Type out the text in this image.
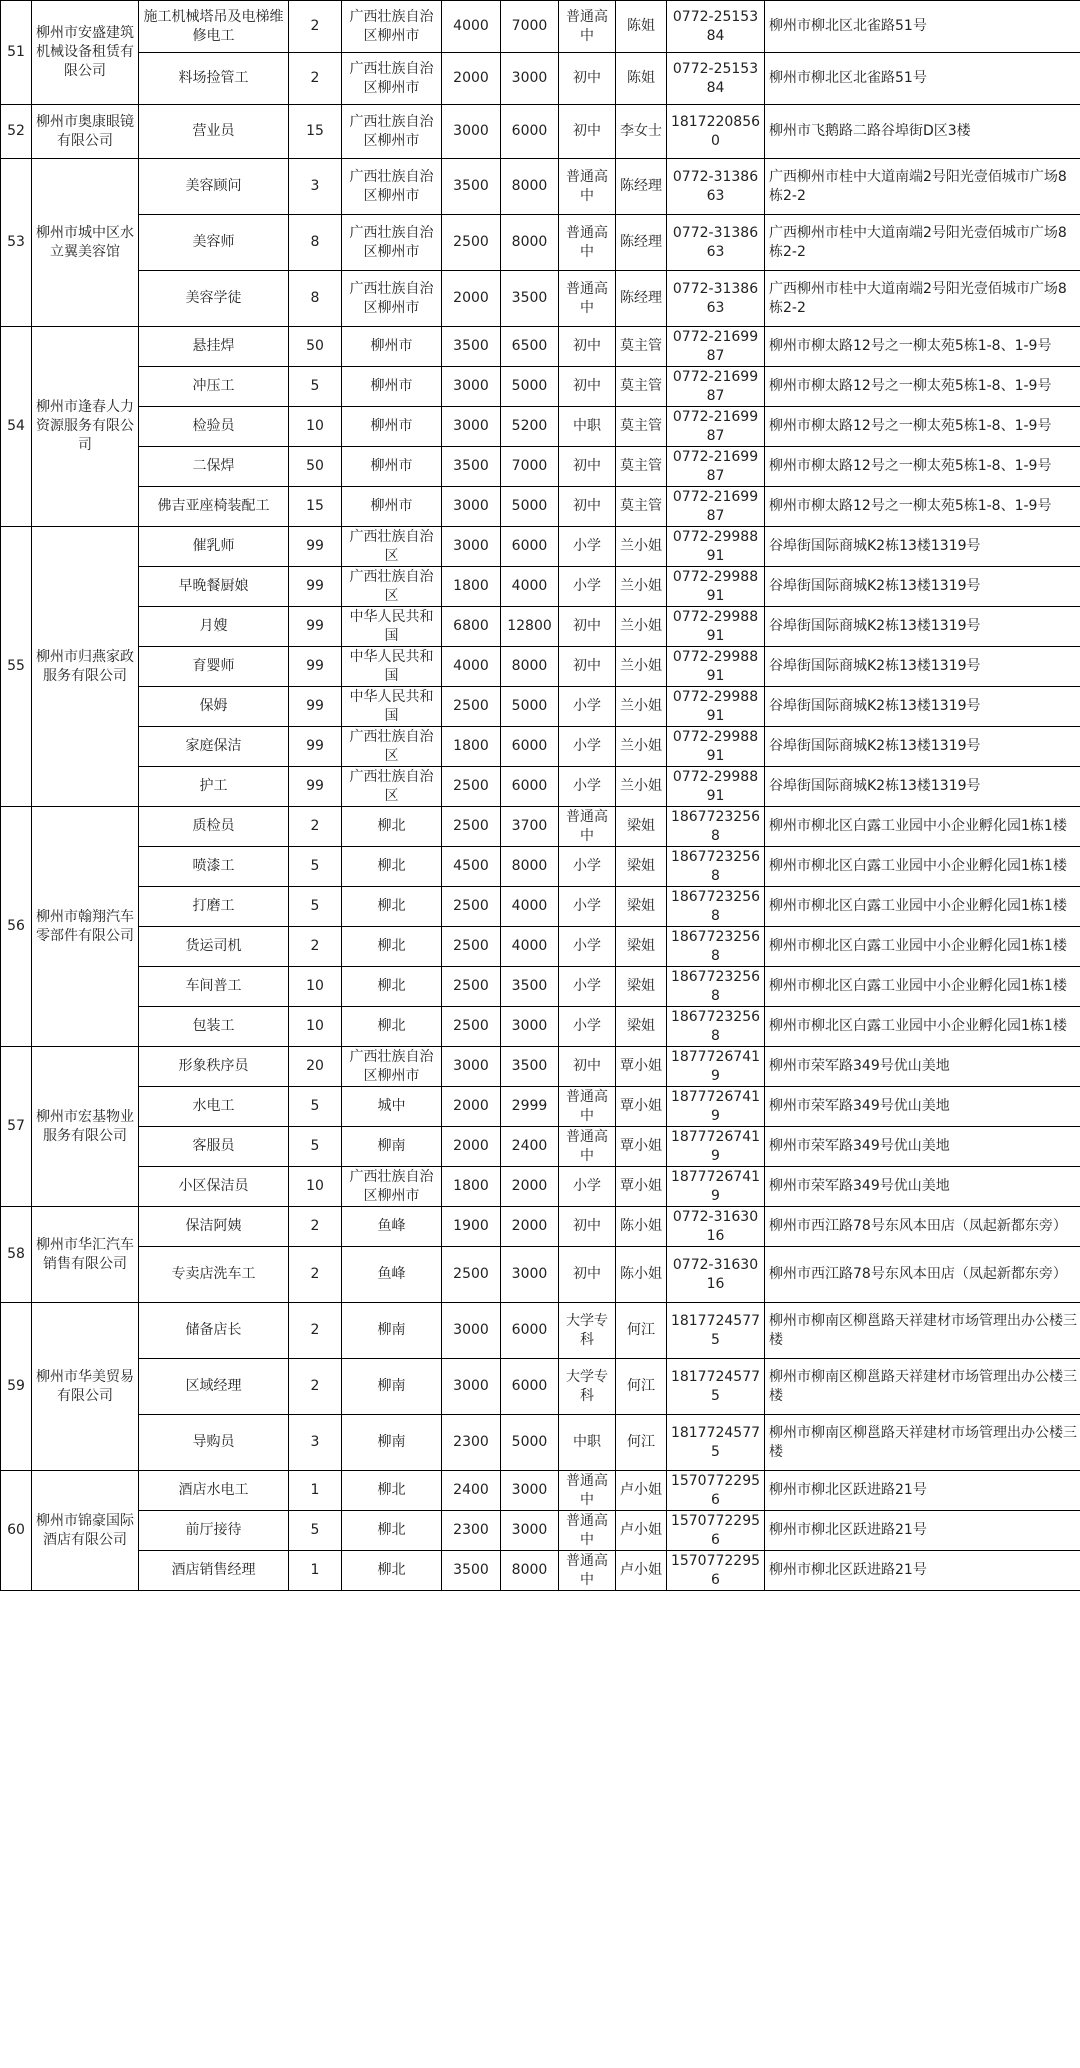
51	柳州市安盛建筑机械设备租赁有限公司	施工机械塔吊及电梯维修电工	2	广西壮族自治区柳州市	4000	7000	普通高中	陈姐	0772-2515384	柳州市柳北区北雀路51号
		料场捡管工	2	广西壮族自治区柳州市	2000	3000	初中	陈姐	0772-2515384	柳州市柳北区北雀路51号
52	柳州市奥康眼镜有限公司	营业员	15	广西壮族自治区柳州市	3000	6000	初中	李女士	18172208560	柳州市飞鹅路二路谷埠街D区3楼
53	柳州市城中区水立翼美容馆	美容顾问	3	广西壮族自治区柳州市	3500	8000	普通高中	陈经理	0772-3138663	广西柳州市桂中大道南端2号阳光壹佰城市广场8栋2-2
		美容师	8	广西壮族自治区柳州市	2500	8000	普通高中	陈经理	0772-3138663	广西柳州市桂中大道南端2号阳光壹佰城市广场8栋2-2
		美容学徒	8	广西壮族自治区柳州市	2000	3500	普通高中	陈经理	0772-3138663	广西柳州市桂中大道南端2号阳光壹佰城市广场8栋2-2
54	柳州市逢春人力资源服务有限公司	悬挂焊	50	柳州市	3500	6500	初中	莫主管	0772-2169987	柳州市柳太路12号之一柳太苑5栋1-8、1-9号
		冲压工	5	柳州市	3000	5000	初中	莫主管	0772-2169987	柳州市柳太路12号之一柳太苑5栋1-8、1-9号
		检验员	10	柳州市	3000	5200	中职	莫主管	0772-2169987	柳州市柳太路12号之一柳太苑5栋1-8、1-9号
		二保焊	50	柳州市	3500	7000	初中	莫主管	0772-2169987	柳州市柳太路12号之一柳太苑5栋1-8、1-9号
		佛吉亚座椅装配工	15	柳州市	3000	5000	初中	莫主管	0772-2169987	柳州市柳太路12号之一柳太苑5栋1-8、1-9号
55	柳州市归燕家政服务有限公司	催乳师	99	广西壮族自治区	3000	6000	小学	兰小姐	0772-2998891	谷埠街国际商城K2栋13楼1319号
		早晚餐厨娘	99	广西壮族自治区	1800	4000	小学	兰小姐	0772-2998891	谷埠街国际商城K2栋13楼1319号
		月嫂	99	中华人民共和国	6800	12800	初中	兰小姐	0772-2998891	谷埠街国际商城K2栋13楼1319号
		育婴师	99	中华人民共和国	4000	8000	初中	兰小姐	0772-2998891	谷埠街国际商城K2栋13楼1319号
		保姆	99	中华人民共和国	2500	5000	小学	兰小姐	0772-2998891	谷埠街国际商城K2栋13楼1319号
		家庭保洁	99	广西壮族自治区	1800	6000	小学	兰小姐	0772-2998891	谷埠街国际商城K2栋13楼1319号
		护工	99	广西壮族自治区	2500	6000	小学	兰小姐	0772-2998891	谷埠街国际商城K2栋13楼1319号
56	柳州市翰翔汽车零部件有限公司	质检员	2	柳北	2500	3700	普通高中	梁姐	18677232568	柳州市柳北区白露工业园中小企业孵化园1栋1楼
		喷漆工	5	柳北	4500	8000	小学	梁姐	18677232568	柳州市柳北区白露工业园中小企业孵化园1栋1楼
		打磨工	5	柳北	2500	4000	小学	梁姐	18677232568	柳州市柳北区白露工业园中小企业孵化园1栋1楼
		货运司机	2	柳北	2500	4000	小学	梁姐	18677232568	柳州市柳北区白露工业园中小企业孵化园1栋1楼
		车间普工	10	柳北	2500	3500	小学	梁姐	18677232568	柳州市柳北区白露工业园中小企业孵化园1栋1楼
		包装工	10	柳北	2500	3000	小学	梁姐	18677232568	柳州市柳北区白露工业园中小企业孵化园1栋1楼
57	柳州市宏基物业服务有限公司	形象秩序员	20	广西壮族自治区柳州市	3000	3500	初中	覃小姐	18777267419	柳州市荣军路349号优山美地
		水电工	5	城中	2000	2999	普通高中	覃小姐	18777267419	柳州市荣军路349号优山美地
		客服员	5	柳南	2000	2400	普通高中	覃小姐	18777267419	柳州市荣军路349号优山美地
		小区保洁员	10	广西壮族自治区柳州市	1800	2000	小学	覃小姐	18777267419	柳州市荣军路349号优山美地
58	柳州市华汇汽车销售有限公司	保洁阿姨	2	鱼峰	1900	2000	初中	陈小姐	0772-3163016	柳州市西江路78号东风本田店（凤起新都东旁）
		专卖店洗车工	2	鱼峰	2500	3000	初中	陈小姐	0772-3163016	柳州市西江路78号东风本田店（凤起新都东旁）
59	柳州市华美贸易有限公司	储备店长	2	柳南	3000	6000	大学专科	何江	18177245775	柳州市柳南区柳邕路天祥建材市场管理出办公楼三楼
		区域经理	2	柳南	3000	6000	大学专科	何江	18177245775	柳州市柳南区柳邕路天祥建材市场管理出办公楼三楼
		导购员	3	柳南	2300	5000	中职	何江	18177245775	柳州市柳南区柳邕路天祥建材市场管理出办公楼三楼
60	柳州市锦豪国际酒店有限公司	酒店水电工	1	柳北	2400	3000	普通高中	卢小姐	15707722956	柳州市柳北区跃进路21号
		前厅接待	5	柳北	2300	3000	普通高中	卢小姐	15707722956	柳州市柳北区跃进路21号
		酒店销售经理	1	柳北	3500	8000	普通高中	卢小姐	15707722956	柳州市柳北区跃进路21号
